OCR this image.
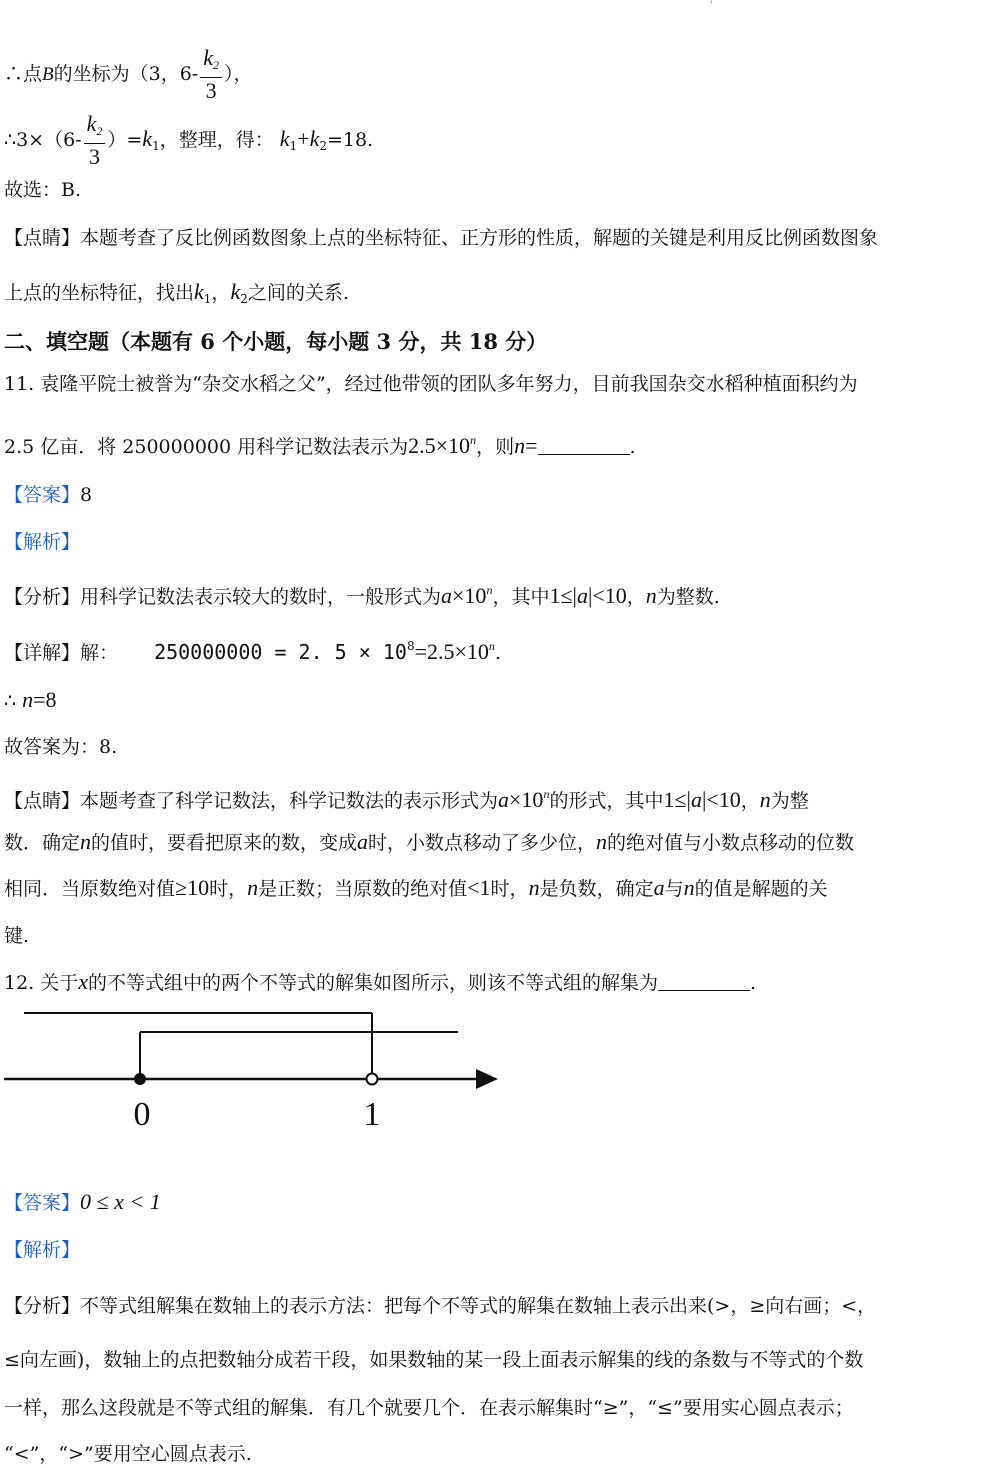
'
∴点B的坐标为（3，$6- \frac{k_2}{3}$ ），
∴3×（6- $\frac{k_2}{3} )=k_1$，整理，得： $k_1+k_2=18$.
故选：B.
【点睛】本题考查了反比例函数图象上点的坐标特征、正方形的性质，解题的关键是利用反比例函数图象
上点的坐标特征，找出$k_1$，$k_2$之间的关系.
二、填空题（本题有 6 个小题，每小题 3 分，共 18 分）
11. 袁隆平院士被誉为“杂交水稻之父”，经过他带领的团队多年努力，目前我国杂交水稻种植面积约为
2.5 亿亩．将 250000000 用科学记数法表示为$2.5\times 10^n$，则n=	.
【答案】8
【解析】
【分析】用科学记数法表示较大的数时，一般形式为$a\times 10^n$，其中1≤|a|<10，n为整数.
【详解】解： 250000000 = 2. $5 \times 10^8=2.5\times 10^n$.
∴ n=8
故答案为：8.
【点睛】本题考查了科学记数法，科学记数法的表示形式为$a\times 10^n$的形式，其中1≤|a|<10，n为整
数．确定n的值时，要看把原来的数，变成a时，小数点移动了多少位，n的绝对值与小数点移动的位数
相同．当原数绝对值≥10时，n是正数；当原数的绝对值<1时，n是负数，确定a与n的值是解题的关
键.
12. 关于x的不等式组中的两个不等式的解集如图所示，则该不等式组的解集为	.
0	1
【答案】0 ≤ x < 1
【解析】
【分析】不等式组解集在数轴上的表示方法：把每个不等式的解集在数轴上表示出来(>，≥向右画；<，
≤向左画)，数轴上的点把数轴分成若干段，如果数轴的某一段上面表示解集的线的条数与不等式的个数
一样，那么这段就是不等式组的解集．有几个就要几个．在表示解集时“≥”，“≤”要用实心圆点表示；
“<”，“>”要用空心圆点表示.
